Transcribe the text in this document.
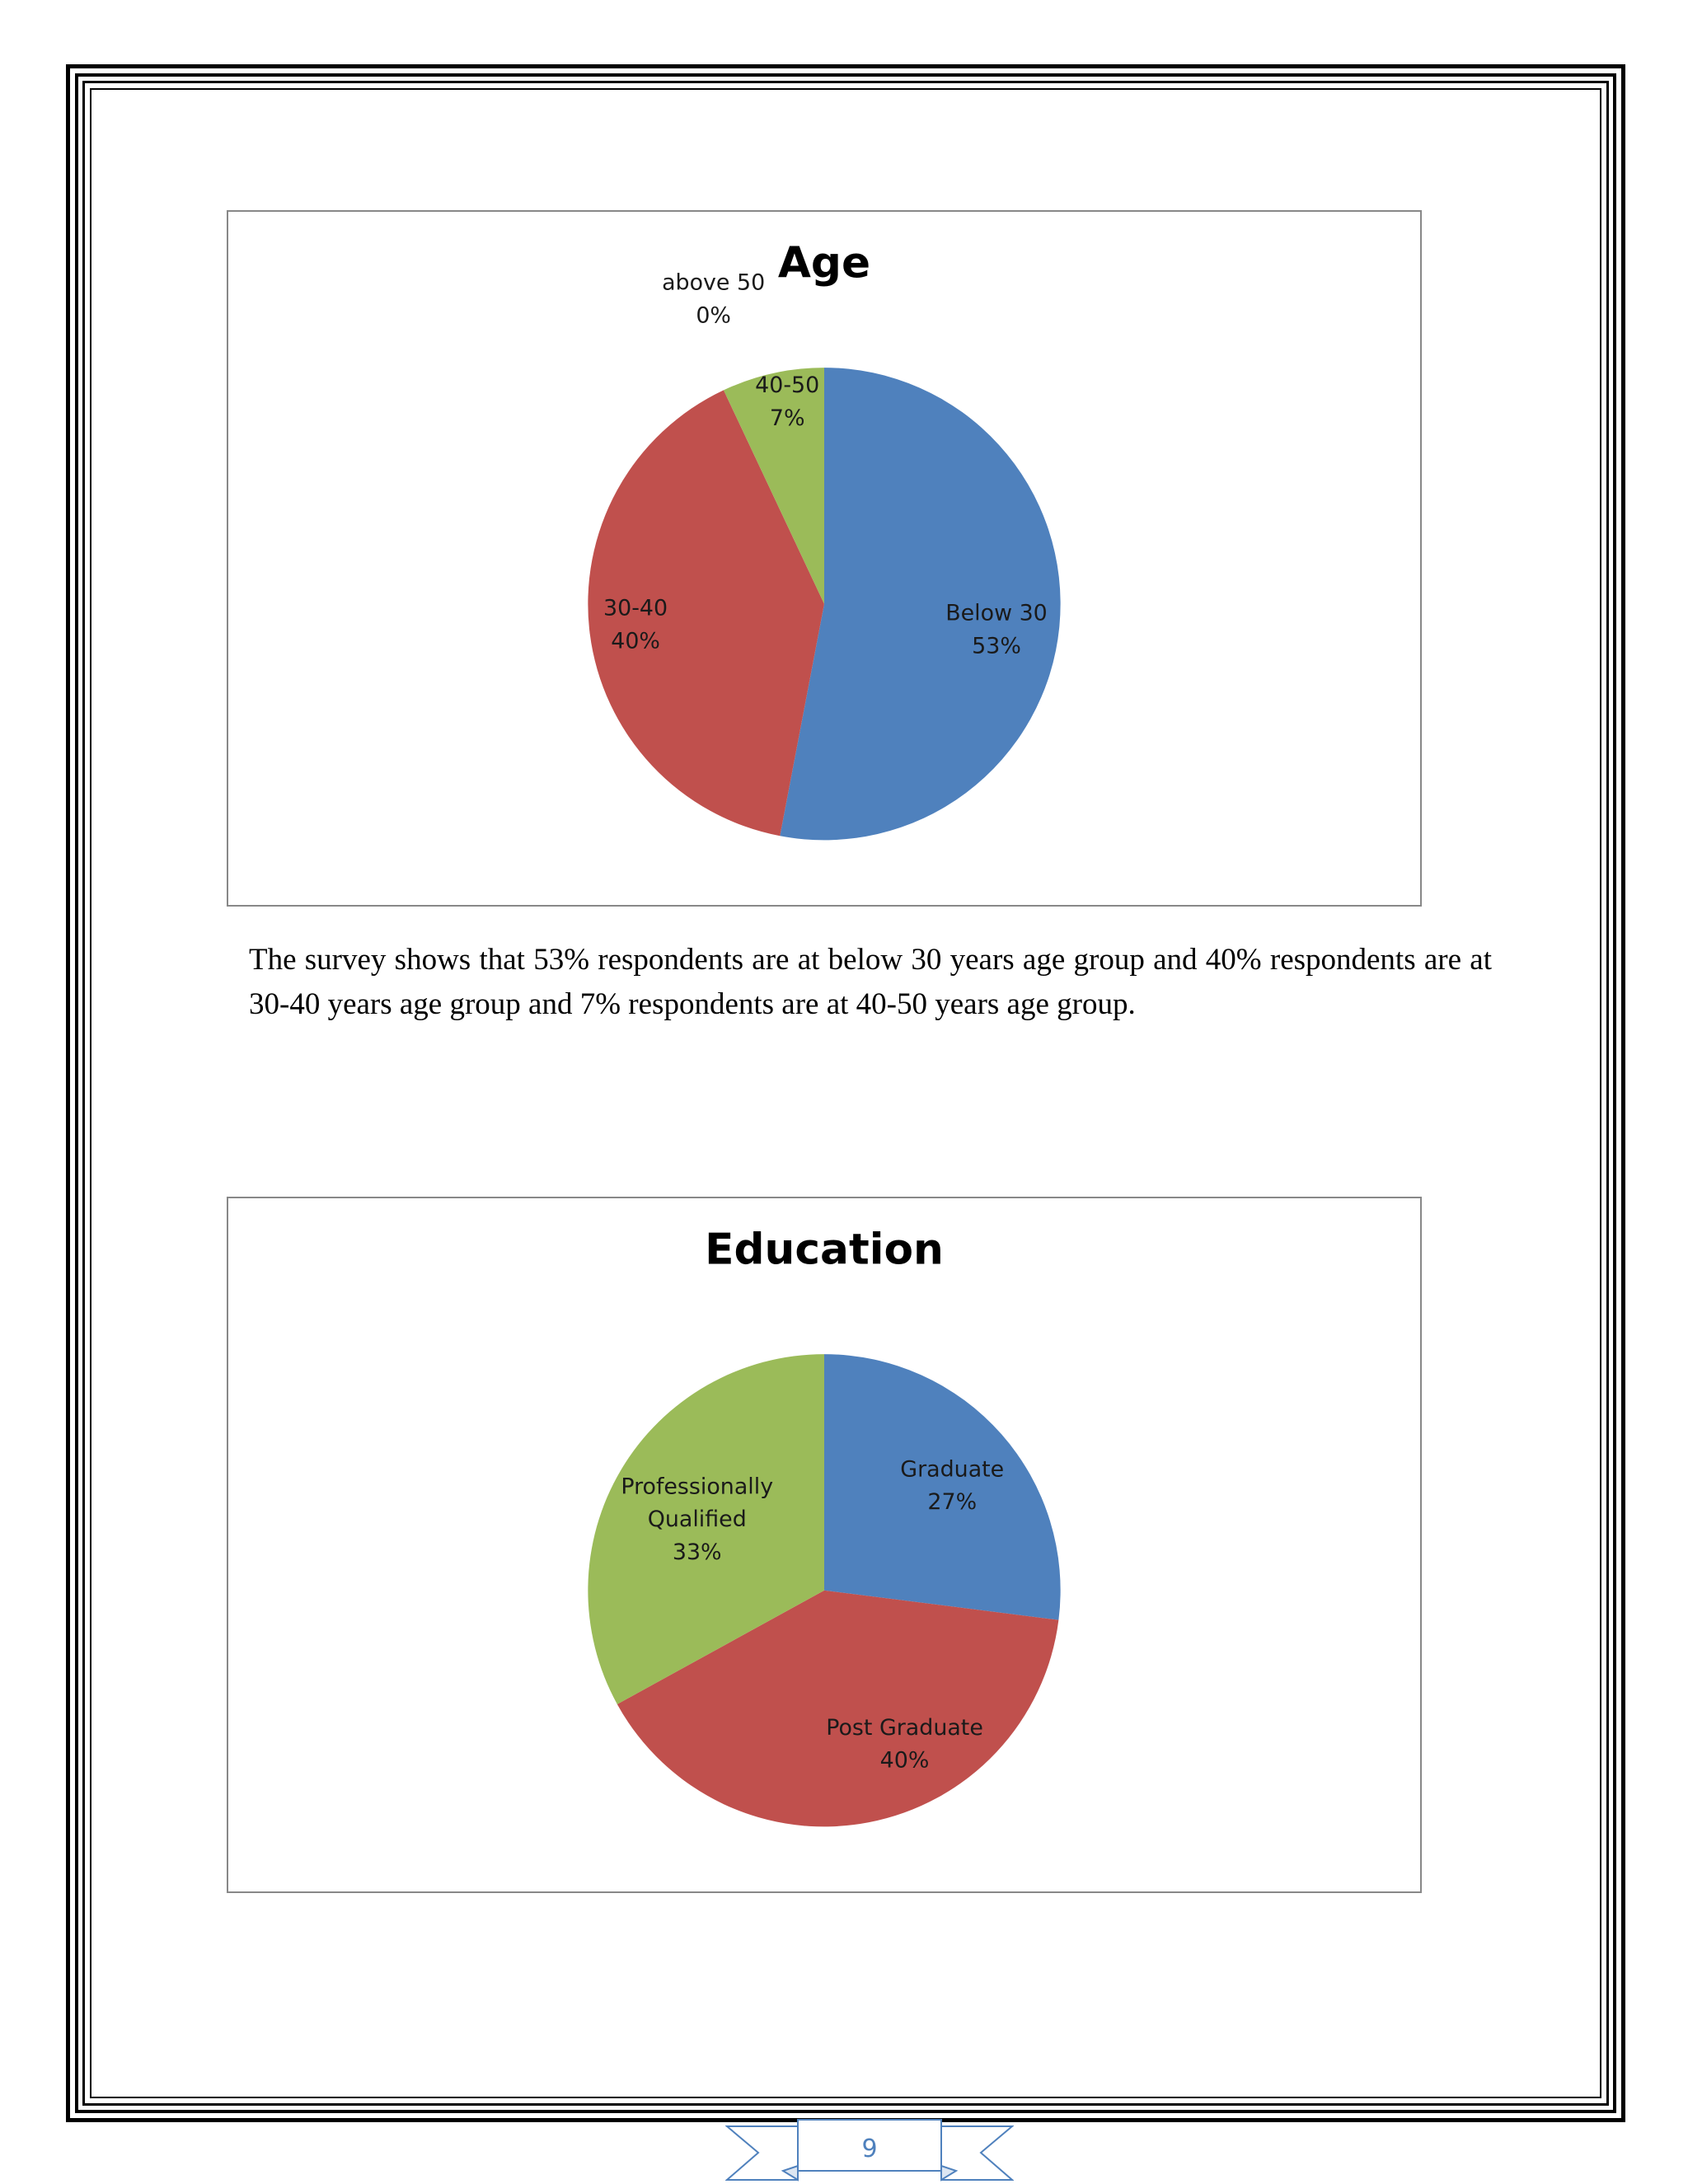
Age
Below 30 53%
30-40 40%
40-50 7%
above 50 0%

The survey shows that 53% respondents are at below 30 years age group and 40% respondents are at 30-40 years age group and 7% respondents are at 40-50 years age group.

Education
Graduate 27%
Post Graduate 40%
Professionally Qualified 33%
9
